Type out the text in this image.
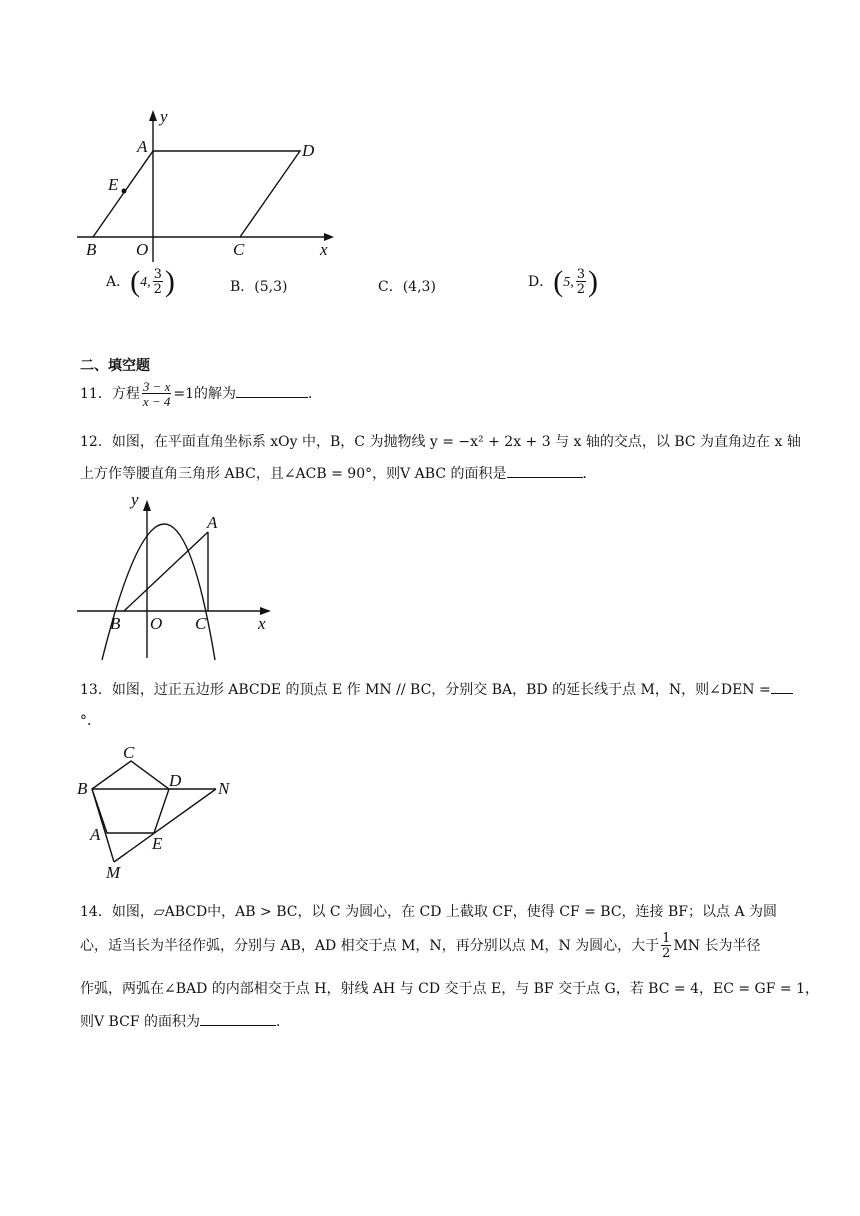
y
A	D
E
B O	C	x
A．(4, $\frac{3}{2}$ )	B．(5,3)	C．(4,3)	D．(5, $\frac{3}{2}$ )
二、填空题
11．方程 $\frac{3 - x}{x - 4} =1$的解为	．
12．如图，在平面直角坐标系 xOy 中，B，C 为抛物线 y = −x² + 2x + 3 与 x 轴的交点，以 BC 为直角边在 x 轴
上方作等腰直角三角形 ABC，且∠ACB = 90°，则V ABC 的面积是	．
y
A
B O C	x
13．如图，过正五边形 ABCDE 的顶点 E 作 MN // BC，分别交 BA，BD 的延长线于点 M，N，则∠DEN =
°．
C
B	D N
A	E
M
14．如图，▱ABCD中，AB > BC，以 C 为圆心，在 CD 上截取 CF，使得 CF = BC，连接 BF；以点 A 为圆
心，适当长为半径作弧，分别与 AB，AD 相交于点 M，N，再分别以点 M，N 为圆心，大于 $\frac{1}{2}$ MN 长为半径
作弧，两弧在∠BAD 的内部相交于点 H，射线 AH 与 CD 交于点 E，与 BF 交于点 G，若 BC = 4，EC = GF = 1，
则V BCF 的面积为	．
